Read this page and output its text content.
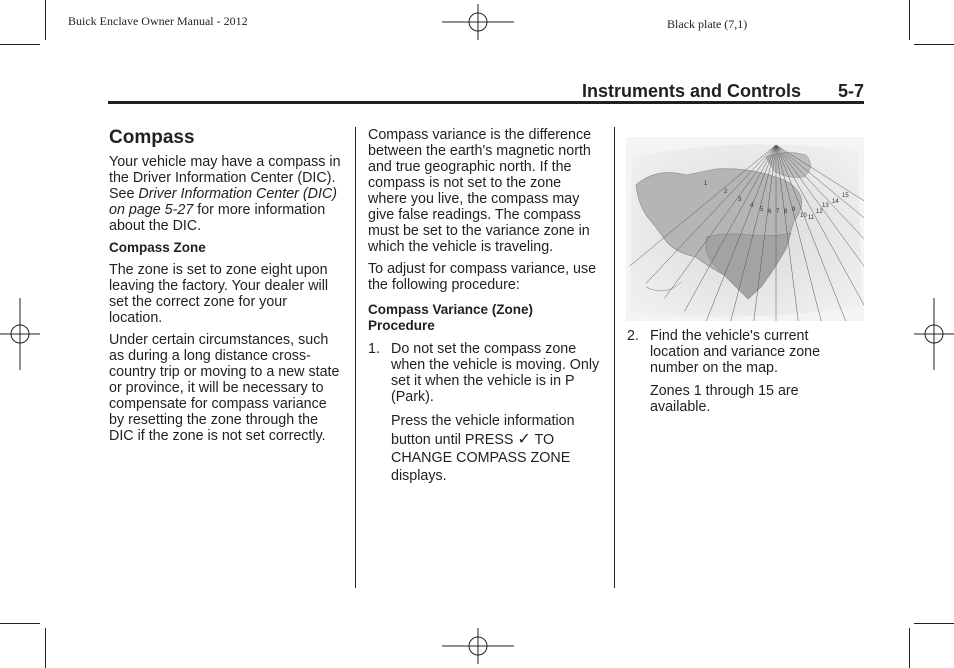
Buick Enclave Owner Manual - 2012	Black plate (7,1)
Instruments and Controls 5-7
Compass

Your vehicle may have a compass in the Driver Information Center (DIC). See Driver Information Center (DIC) on page 5-27 for more information about the DIC.

Compass Zone

The zone is set to zone eight upon leaving the factory. Your dealer will set the correct zone for your location.

Under certain circumstances, such as during a long distance cross-country trip or moving to a new state or province, it will be necessary to compensate for compass variance by resetting the zone through the DIC if the zone is not set correctly.

Compass variance is the difference between the earth's magnetic north and true geographic north. If the compass is not set to the zone where you live, the compass may give false readings. The compass must be set to the variance zone in which the vehicle is traveling.

To adjust for compass variance, use the following procedure:

Compass Variance (Zone) Procedure
1. Do not set the compass zone when the vehicle is moving. Only set it when the vehicle is in P (Park).

Press the vehicle information button until PRESS ✓ TO CHANGE COMPASS ZONE displays.

1
2
3
4
5 6 7 8 9
10 11
12
13
14
15
2. Find the vehicle's current location and variance zone number on the map.

Zones 1 through 15 are available.
